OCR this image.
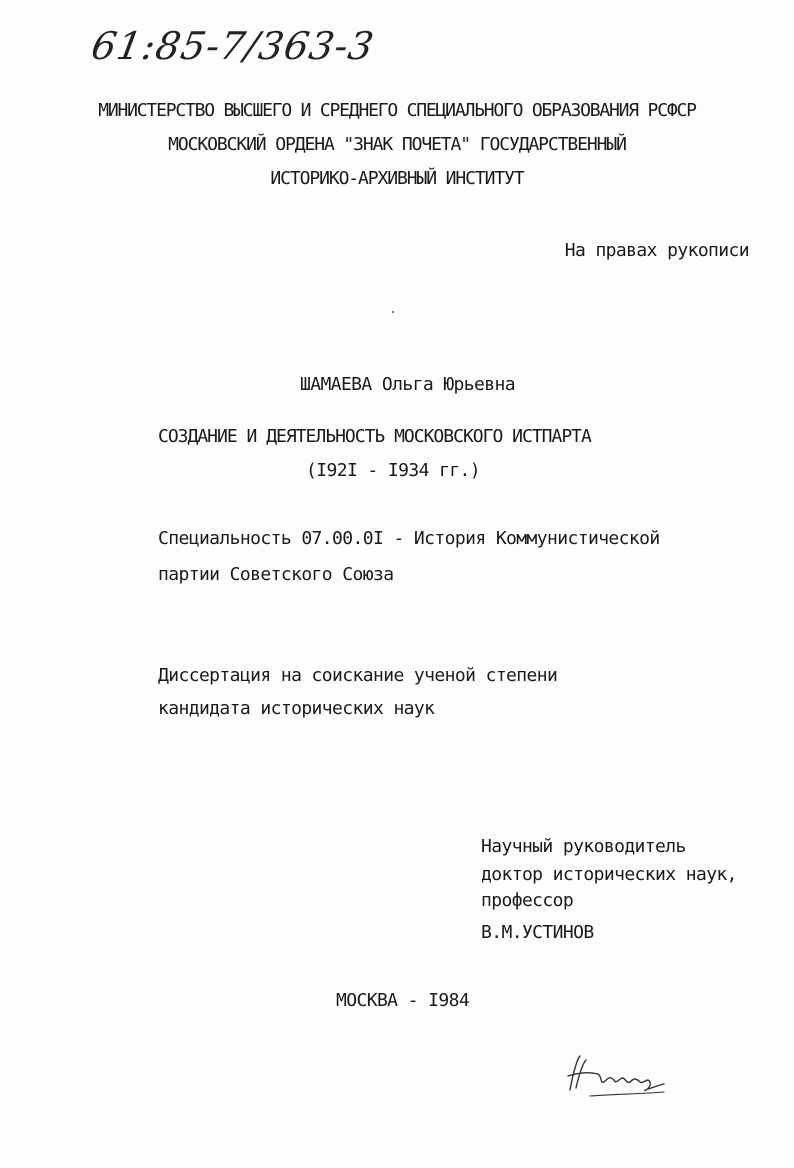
61:85-7/363-3
МИНИСТЕРСТВО ВЫСШЕГО И СРЕДНЕГО СПЕЦИАЛЬНОГО ОБРАЗОВАНИЯ РСФСР
МОСКОВСКИЙ ОРДЕНА "ЗНАК ПОЧЕТА" ГОСУДАРСТВЕННЫЙ
ИСТОРИКО-АРХИВНЫЙ ИНСТИТУТ
На правах рукописи
ШАМАЕВА Ольга Юрьевна
СОЗДАНИЕ И ДЕЯТЕЛЬНОСТЬ МОСКОВСКОГО ИСТПАРТА
(I92I - I934 гг.)
Специальность 07.00.0I - История Коммунистической
партии Советского Союза
Диссертация на соискание ученой степени
кандидата исторических наук
Научный руководитель
доктор исторических наук,
профессор
В.М.УСТИНОВ
МОСКВА - I984
